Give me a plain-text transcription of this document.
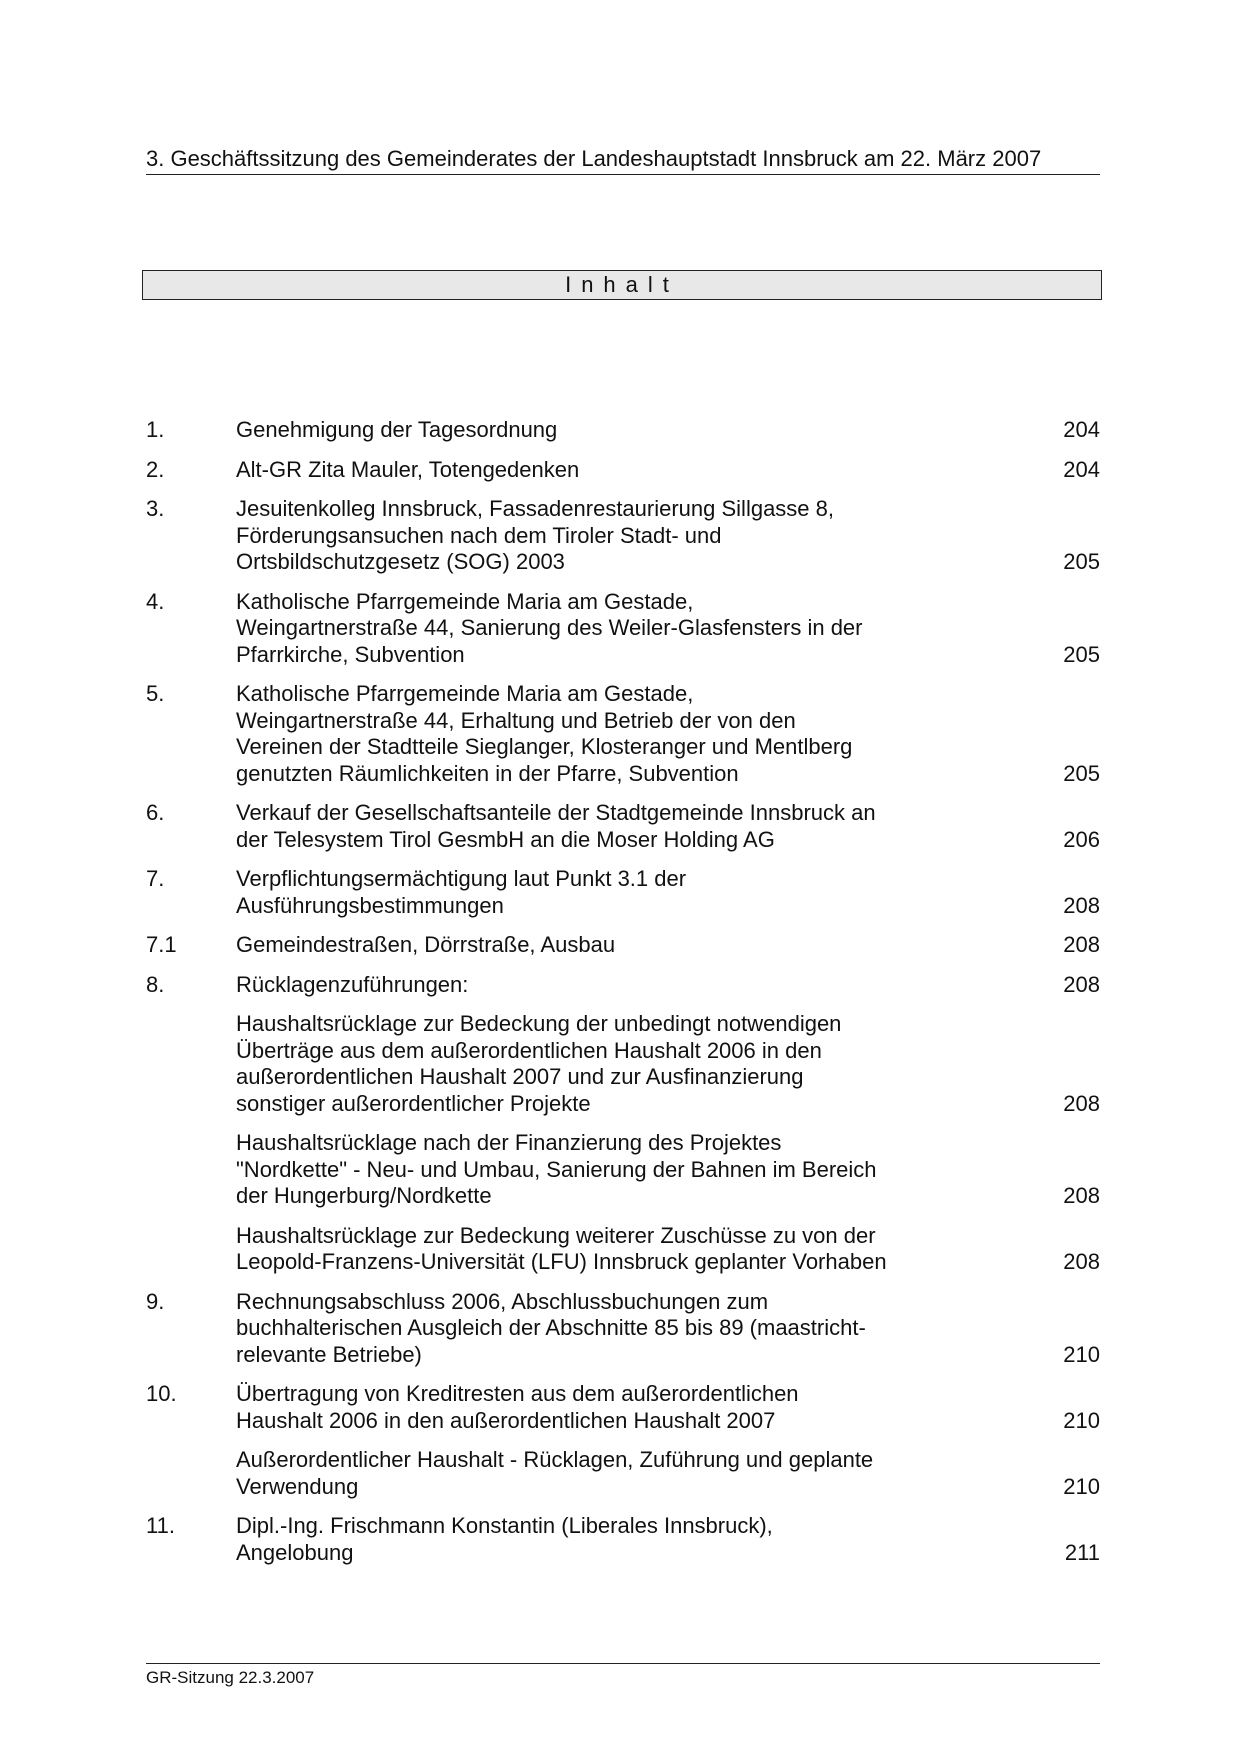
3. Geschäftssitzung des Gemeinderates der Landeshauptstadt Innsbruck am 22. März 2007
Inhalt
1.	Genehmigung der Tagesordnung	204
2.	Alt-GR Zita Mauler, Totengedenken	204
3.	Jesuitenkolleg Innsbruck, Fassadenrestaurierung Sillgasse 8,
Förderungsansuchen nach dem Tiroler Stadt- und
Ortsbildschutzgesetz (SOG) 2003	205
4.	Katholische Pfarrgemeinde Maria am Gestade,
Weingartnerstraße 44, Sanierung des Weiler-Glasfensters in der
Pfarrkirche, Subvention	205
5.	Katholische Pfarrgemeinde Maria am Gestade,
Weingartnerstraße 44, Erhaltung und Betrieb der von den
Vereinen der Stadtteile Sieglanger, Klosteranger und Mentlberg
genutzten Räumlichkeiten in der Pfarre, Subvention	205
6.	Verkauf der Gesellschaftsanteile der Stadtgemeinde Innsbruck an
der Telesystem Tirol GesmbH an die Moser Holding AG	206
7.	Verpflichtungsermächtigung laut Punkt 3.1 der
Ausführungsbestimmungen	208
7.1	Gemeindestraßen, Dörrstraße, Ausbau	208
8.	Rücklagenzuführungen:	208
Haushaltsrücklage zur Bedeckung der unbedingt notwendigen
Überträge aus dem außerordentlichen Haushalt 2006 in den
außerordentlichen Haushalt 2007 und zur Ausfinanzierung
sonstiger außerordentlicher Projekte	208
Haushaltsrücklage nach der Finanzierung des Projektes
"Nordkette" - Neu- und Umbau, Sanierung der Bahnen im Bereich
der Hungerburg/Nordkette	208
Haushaltsrücklage zur Bedeckung weiterer Zuschüsse zu von der
Leopold-Franzens-Universität (LFU) Innsbruck geplanter Vorhaben	208
9.	Rechnungsabschluss 2006, Abschlussbuchungen zum
buchhalterischen Ausgleich der Abschnitte 85 bis 89 (maastricht-
relevante Betriebe)	210
10.	Übertragung von Kreditresten aus dem außerordentlichen
Haushalt 2006 in den außerordentlichen Haushalt 2007	210
Außerordentlicher Haushalt - Rücklagen, Zuführung und geplante
Verwendung	210
11.	Dipl.-Ing. Frischmann Konstantin (Liberales Innsbruck),
Angelobung	211
GR-Sitzung 22.3.2007
